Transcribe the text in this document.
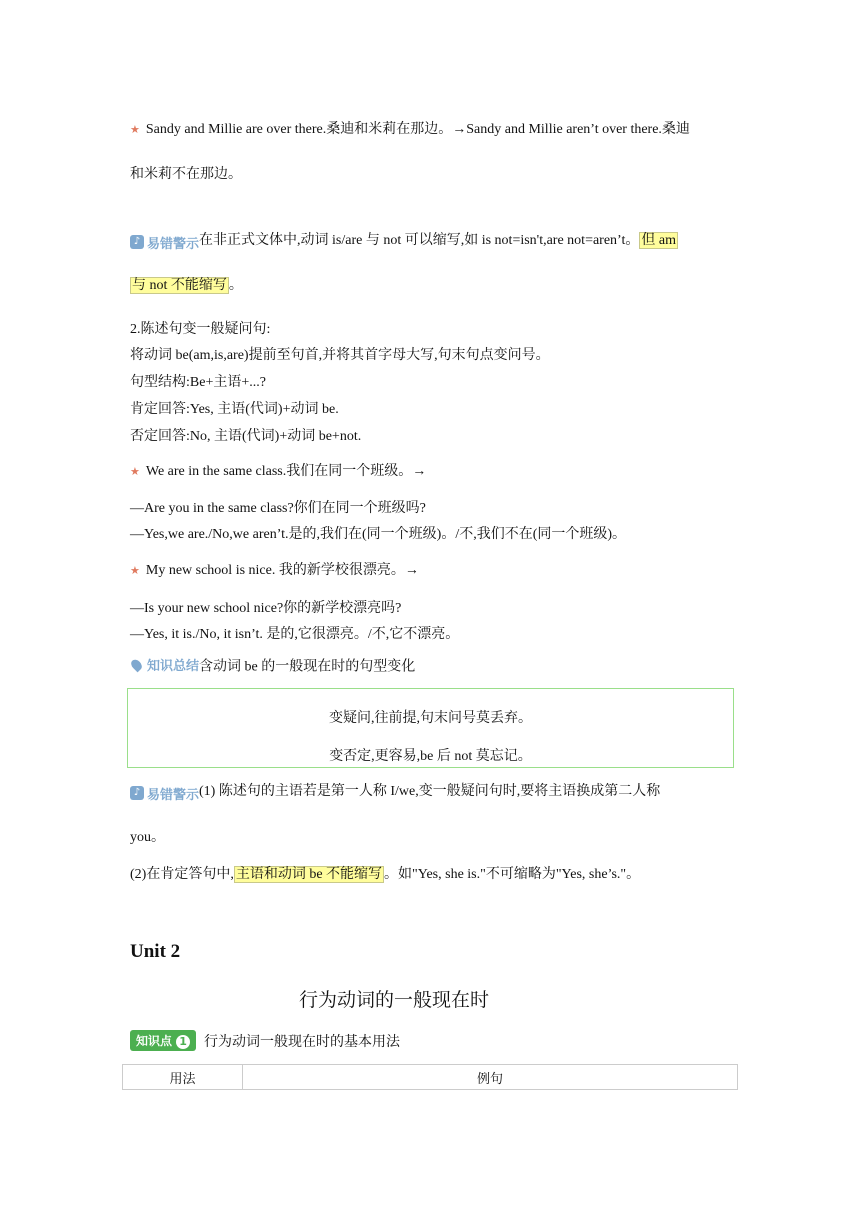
★ Sandy and Millie are over there.桑迪和米莉在那边。→Sandy and Millie aren’t over there.桑迪
和米莉不在那边。
♪ 易错警示 在非正式文体中,动词 is/are 与 not 可以缩写,如 is not=isn't,are not=aren’t。 但 am
与 not 不能缩写 。
2.陈述句变一般疑问句:
将动词 be(am,is,are)提前至句首,并将其首字母大写,句末句点变问号。
句型结构:Be+主语+...?
肯定回答:Yes, 主语(代词)+动词 be.
否定回答:No, 主语(代词)+动词 be+not.
★ We are in the same class.我们在同一个班级。→
—Are you in the same class?你们在同一个班级吗?
—Yes,we are./No,we aren’t.是的,我们在(同一个班级)。/不,我们不在(同一个班级)。
★ My new school is nice. 我的新学校很漂亮。→
—Is your new school nice?你的新学校漂亮吗?
—Yes, it is./No, it isn’t. 是的,它很漂亮。/不,它不漂亮。
知识总结 含动词 be 的一般现在时的句型变化
变疑问,往前提,句末问号莫丢弃。
变否定,更容易,be 后 not 莫忘记。
♪ 易错警示 (1) 陈述句的主语若是第一人称 I/we,变一般疑问句时,要将主语换成第二人称
you。
(2)在肯定答句中, 主语和动词 be 不能缩写 。如"Yes, she is."不可缩略为"Yes, she’s."。
Unit 2
行为动词的一般现在时
知识点 1	行为动词一般现在时的基本用法
用法	例句
